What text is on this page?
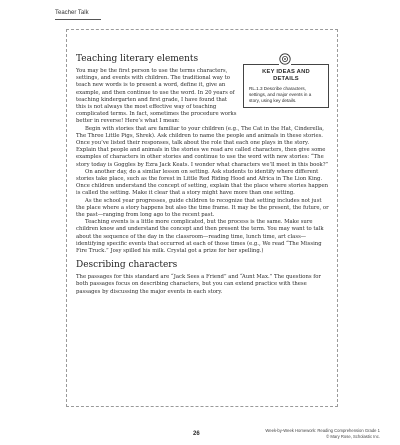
Teacher Talk
Teaching literary elements
KEY IDEAS AND DETAILS
RL.1.3 Describe characters, settings, and major events in a story, using key details.

You may be the first person to use the terms characters, settings, and events with children. The traditional way to teach new words is to present a word, define it, give an example, and then continue to use the word. In 20 years of teaching kindergarten and first grade, I have found that this is not always the most effective way of teaching complicated terms. In fact, sometimes the procedure works better in reverse! Here’s what I mean:

Begin with stories that are familiar to your children (e.g., The Cat in the Hat, Cinderella, The Three Little Pigs, Shrek). Ask children to name the people and animals in these stories. Once you’ve listed their responses, talk about the role that each one plays in the story. Explain that people and animals in the stories we read are called characters, then give some examples of characters in other stories and continue to use the word with new stories: “The story today is Goggles by Ezra Jack Keats. I wonder what characters we’ll meet in this book?”

On another day, do a similar lesson on setting. Ask students to identify where different stories take place, such as the forest in Little Red Riding Hood and Africa in The Lion King. Once children understand the concept of setting, explain that the place where stories happen is called the setting. Make it clear that a story might have more than one setting.

As the school year progresses, guide children to recognize that setting includes not just the place where a story happens but also the time frame. It may be the present, the future, or the past—ranging from long ago to the recent past.

Teaching events is a little more complicated, but the process is the same. Make sure children know and understand the concept and then present the term. You may want to talk about the sequence of the day in the classroom—reading time, lunch time, art class—identifying specific events that occurred at each of those times (e.g., We read “The Missing Fire Truck.” Josy spilled his milk. Crystal got a prize for her spelling.)

Describing characters

The passages for this standard are “Jack Sees a Friend” and “Aunt Max.” The questions for both passages focus on describing characters, but you can extend practice with these passages by discussing the major events in each story.

26
Week-by-Week Homework: Reading Comprehension Grade 1
© Mary Rose, Scholastic Inc.
